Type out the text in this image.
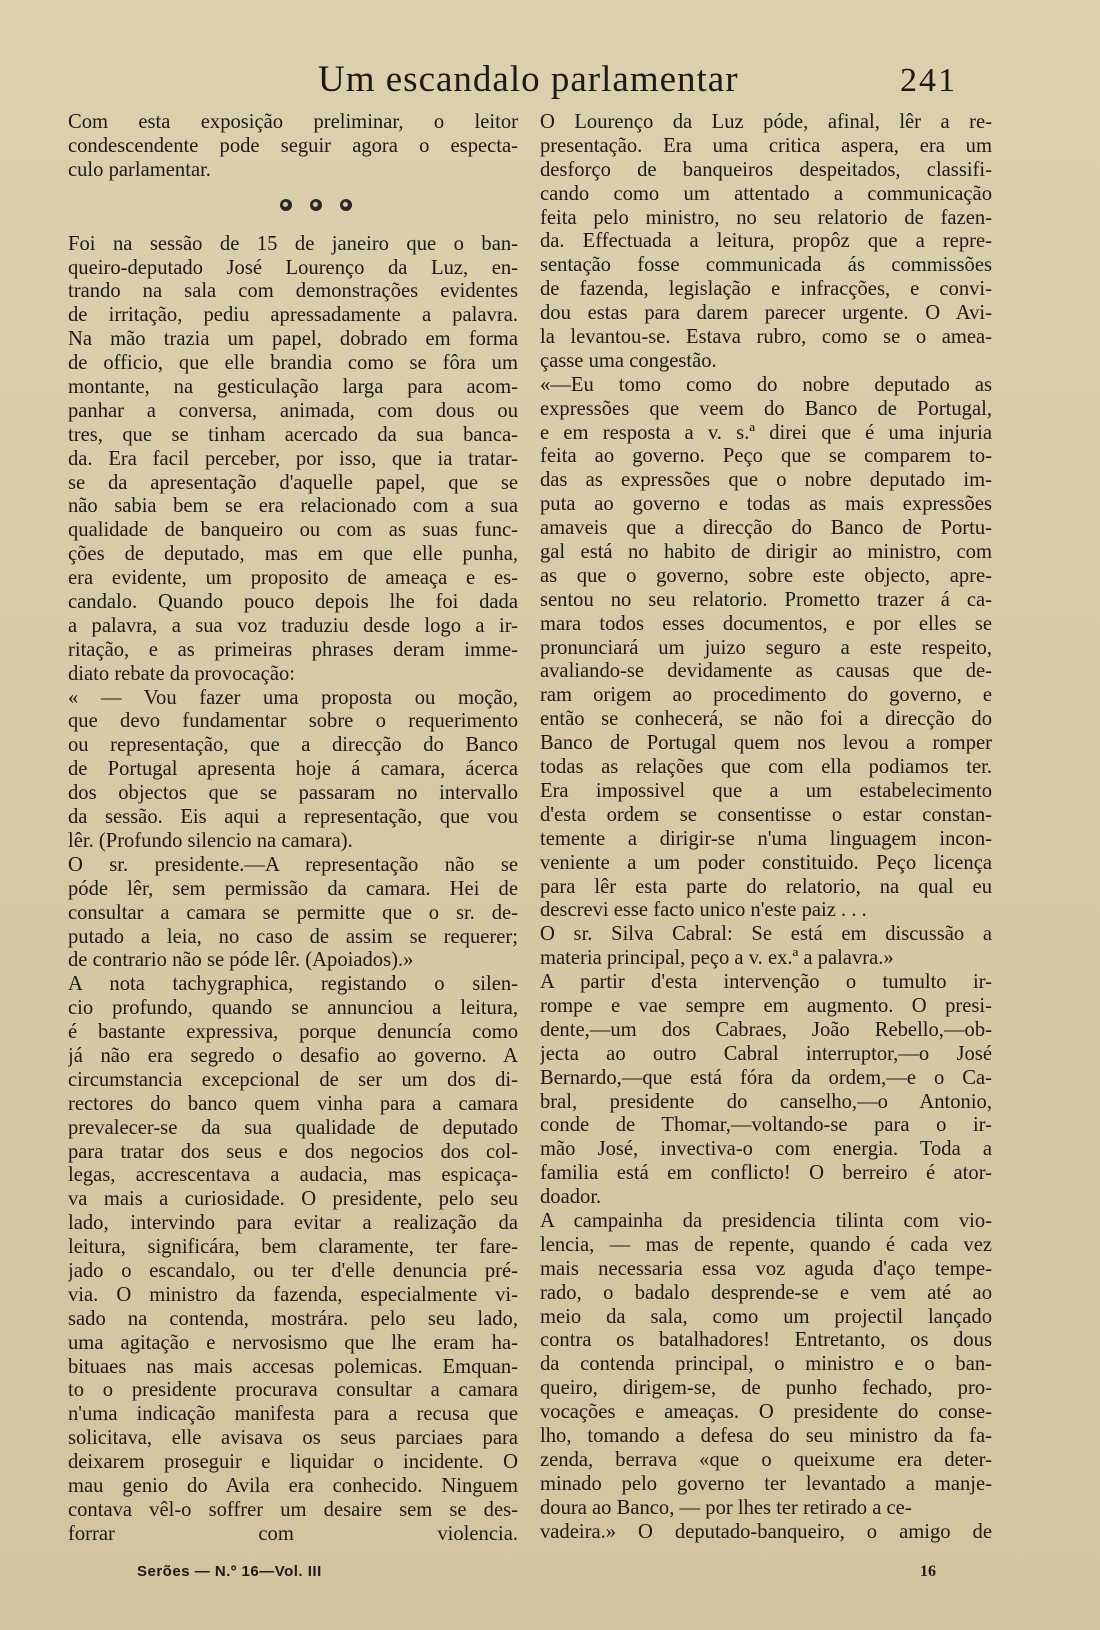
Um escandalo parlamentar	241
Com esta exposição preliminar, o leitor
condescendente pode seguir agora o especta-
culo parlamentar.
Foi na sessão de 15 de janeiro que o ban-
queiro-deputado José Lourenço da Luz, en-
trando na sala com demonstrações evidentes
de irritação, pediu apressadamente a palavra.
Na mão trazia um papel, dobrado em forma
de officio, que elle brandia como se fôra um
montante, na gesticulação larga para acom-
panhar a conversa, animada, com dous ou
tres, que se tinham acercado da sua banca-
da. Era facil perceber, por isso, que ia tratar-
se da apresentação d'aquelle papel, que se
não sabia bem se era relacionado com a sua
qualidade de banqueiro ou com as suas func-
ções de deputado, mas em que elle punha,
era evidente, um proposito de ameaça e es-
candalo. Quando pouco depois lhe foi dada
a palavra, a sua voz traduziu desde logo a ir-
ritação, e as primeiras phrases deram imme-
diato rebate da provocação:
« — Vou fazer uma proposta ou moção,
que devo fundamentar sobre o requerimento
ou representação, que a direcção do Banco
de Portugal apresenta hoje á camara, ácerca
dos objectos que se passaram no intervallo
da sessão. Eis aqui a representação, que vou
lêr. (Profundo silencio na camara).
O sr. presidente.—A representação não se
póde lêr, sem permissão da camara. Hei de
consultar a camara se permitte que o sr. de-
putado a leia, no caso de assim se requerer;
de contrario não se póde lêr. (Apoiados).»
A nota tachygraphica, registando o silen-
cio profundo, quando se annunciou a leitura,
é bastante expressiva, porque denuncía como
já não era segredo o desafio ao governo. A
circumstancia excepcional de ser um dos di-
rectores do banco quem vinha para a camara
prevalecer-se da sua qualidade de deputado
para tratar dos seus e dos negocios dos col-
legas, accrescentava a audacia, mas espicaça-
va mais a curiosidade. O presidente, pelo seu
lado, intervindo para evitar a realização da
leitura, significára, bem claramente, ter fare-
jado o escandalo, ou ter d'elle denuncia pré-
via. O ministro da fazenda, especialmente vi-
sado na contenda, mostrára. pelo seu lado,
uma agitação e nervosismo que lhe eram ha-
bituaes nas mais accesas polemicas. Emquan-
to o presidente procurava consultar a camara
n'uma indicação manifesta para a recusa que
solicitava, elle avisava os seus parciaes para
deixarem proseguir e liquidar o incidente. O
mau genio do Avila era conhecido. Ninguem
contava vêl-o soffrer um desaire sem se des-
forrar com violencia.
O Lourenço da Luz póde, afinal, lêr a re-
presentação. Era uma critica aspera, era um
desforço de banqueiros despeitados, classifi-
cando como um attentado a communicação
feita pelo ministro, no seu relatorio de fazen-
da. Effectuada a leitura, propôz que a repre-
sentação fosse communicada ás commissões
de fazenda, legislação e infracções, e convi-
dou estas para darem parecer urgente. O Avi-
la levantou-se. Estava rubro, como se o amea-
çasse uma congestão.
«—Eu tomo como do nobre deputado as
expressões que veem do Banco de Portugal,
e em resposta a v. s.ª direi que é uma injuria
feita ao governo. Peço que se comparem to-
das as expressões que o nobre deputado im-
puta ao governo e todas as mais expressões
amaveis que a direcção do Banco de Portu-
gal está no habito de dirigir ao ministro, com
as que o governo, sobre este objecto, apre-
sentou no seu relatorio. Prometto trazer á ca-
mara todos esses documentos, e por elles se
pronunciará um juizo seguro a este respeito,
avaliando-se devidamente as causas que de-
ram origem ao procedimento do governo, e
então se conhecerá, se não foi a direcção do
Banco de Portugal quem nos levou a romper
todas as relações que com ella podiamos ter.
Era impossivel que a um estabelecimento
d'esta ordem se consentisse o estar constan-
temente a dirigir-se n'uma linguagem incon-
veniente a um poder constituido. Peço licença
para lêr esta parte do relatorio, na qual eu
descrevi esse facto unico n'este paiz . . .
O sr. Silva Cabral: Se está em discussão a
materia principal, peço a v. ex.ª a palavra.»
A partir d'esta intervenção o tumulto ir-
rompe e vae sempre em augmento. O presi-
dente,—um dos Cabraes, João Rebello,—ob-
jecta ao outro Cabral interruptor,—o José
Bernardo,—que está fóra da ordem,—e o Ca-
bral, presidente do canselho,—o Antonio,
conde de Thomar,—voltando-se para o ir-
mão José, invectiva-o com energia. Toda a
familia está em conflicto! O berreiro é ator-
doador.
A campainha da presidencia tilinta com vio-
lencia, — mas de repente, quando é cada vez
mais necessaria essa voz aguda d'aço tempe-
rado, o badalo desprende-se e vem até ao
meio da sala, como um projectil lançado
contra os batalhadores! Entretanto, os dous
da contenda principal, o ministro e o ban-
queiro, dirigem-se, de punho fechado, pro-
vocações e ameaças. O presidente do conse-
lho, tomando a defesa do seu ministro da fa-
zenda, berrava «que o queixume era deter-
minado pelo governo ter levantado a manje-
doura ao Banco, — por lhes ter retirado a ce-
vadeira.» O deputado-banqueiro, o amigo de
Serões — N.º 16—Vol. III	16
